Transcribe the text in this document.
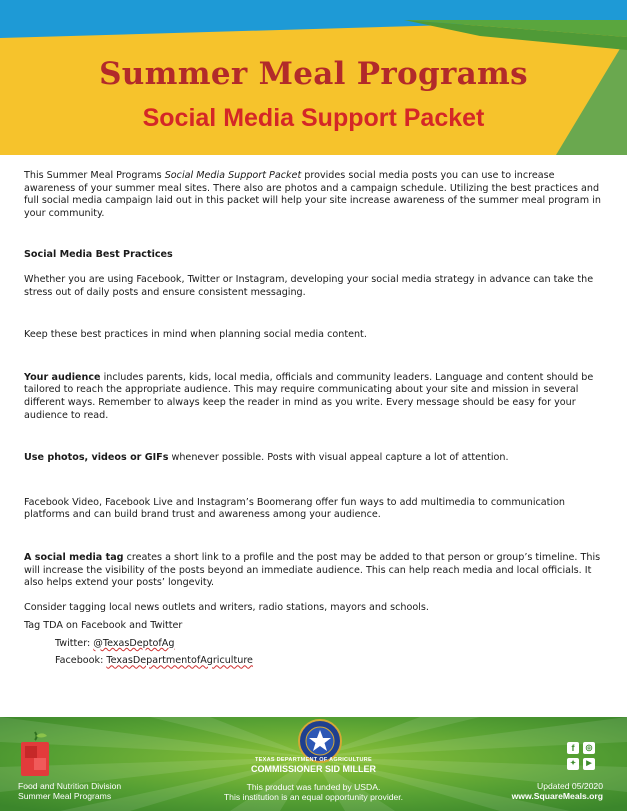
Summer Meal Programs
Social Media Support Packet

This Summer Meal Programs Social Media Support Packet provides social media posts you can use to increase awareness of your summer meal sites. There also are photos and a campaign schedule. Utilizing the best practices and full social media campaign laid out in this packet will help your site increase awareness of the summer meal program in your community.

Social Media Best Practices

Whether you are using Facebook, Twitter or Instagram, developing your social media strategy in advance can take the stress out of daily posts and ensure consistent messaging.

Keep these best practices in mind when planning social media content.

Your audience includes parents, kids, local media, officials and community leaders. Language and content should be tailored to reach the appropriate audience. This may require communicating about your site and mission in several different ways. Remember to always keep the reader in mind as you write. Every message should be easy for your audience to read.

Use photos, videos or GIFs whenever possible. Posts with visual appeal capture a lot of attention.

Facebook Video, Facebook Live and Instagram’s Boomerang offer fun ways to add multimedia to communication platforms and can build brand trust and awareness among your audience.

A social media tag creates a short link to a profile and the post may be added to that person or group’s timeline. This will increase the visibility of the posts beyond an immediate audience. This can help reach media and local officials. It also helps extend your posts’ longevity.

Consider tagging local news outlets and writers, radio stations, mayors and schools.

Tag TDA on Facebook and Twitter

Twitter: @TexasDeptofAg

Facebook: TexasDepartmentofAgriculture

Food and Nutrition Division
Summer Meal Programs
TEXAS DEPARTMENT OF AGRICULTURE
COMMISSIONER SID MILLER
This product was funded by USDA.
This institution is an equal opportunity provider.
f	◎
✦	▶
Updated 05/2020
www.SquareMeals.org
